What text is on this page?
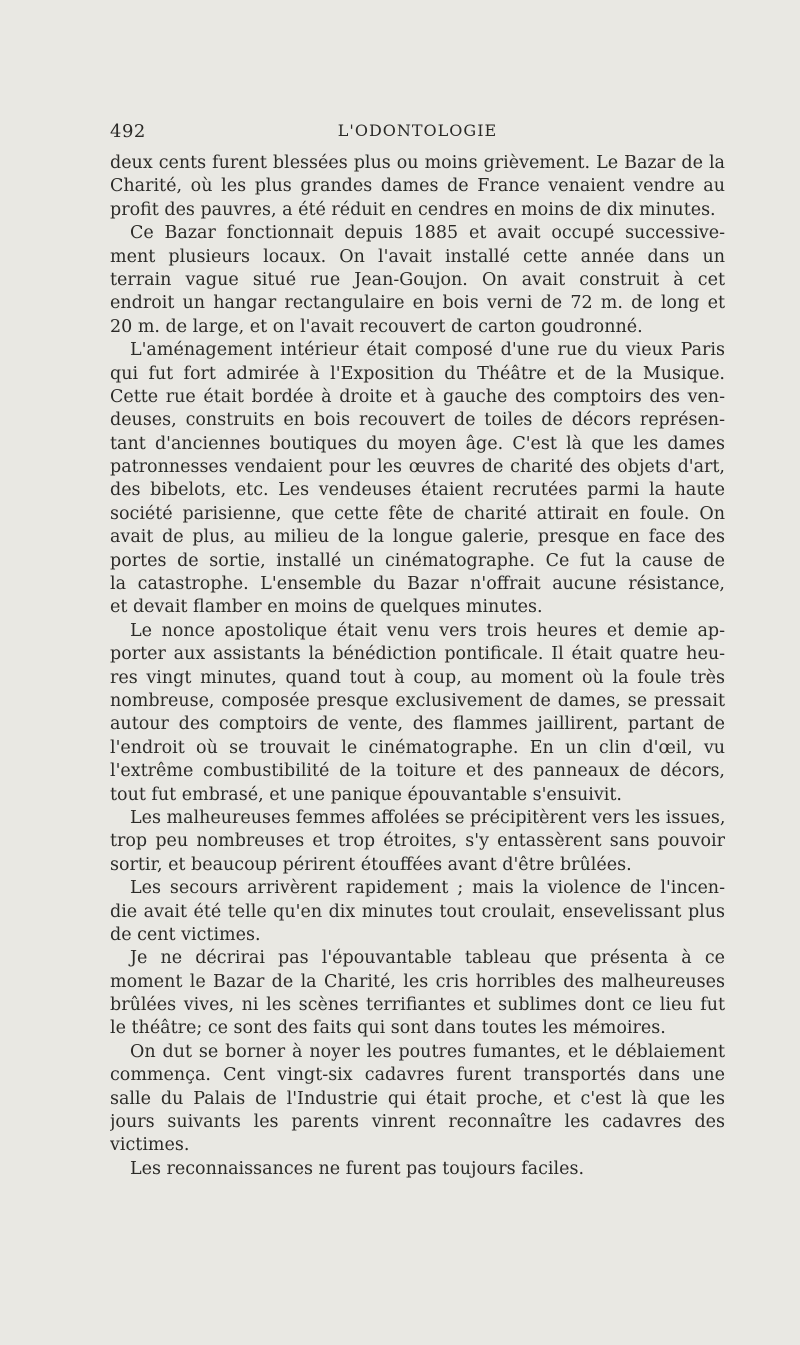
492	L'ODONTOLOGIE
deux cents furent blessées plus ou moins grièvement. Le Bazar de la
Charité, où les plus grandes dames de France venaient vendre au
profit des pauvres, a été réduit en cendres en moins de dix minutes.
Ce Bazar fonctionnait depuis 1885 et avait occupé successive-
ment plusieurs locaux. On l'avait installé cette année dans un
terrain vague situé rue Jean-Goujon. On avait construit à cet
endroit un hangar rectangulaire en bois verni de 72 m. de long et
20 m. de large, et on l'avait recouvert de carton goudronné.
L'aménagement intérieur était composé d'une rue du vieux Paris
qui fut fort admirée à l'Exposition du Théâtre et de la Musique.
Cette rue était bordée à droite et à gauche des comptoirs des ven-
deuses, construits en bois recouvert de toiles de décors représen-
tant d'anciennes boutiques du moyen âge. C'est là que les dames
patronnesses vendaient pour les œuvres de charité des objets d'art,
des bibelots, etc. Les vendeuses étaient recrutées parmi la haute
société parisienne, que cette fête de charité attirait en foule. On
avait de plus, au milieu de la longue galerie, presque en face des
portes de sortie, installé un cinématographe. Ce fut la cause de
la catastrophe. L'ensemble du Bazar n'offrait aucune résistance,
et devait flamber en moins de quelques minutes.
Le nonce apostolique était venu vers trois heures et demie ap-
porter aux assistants la bénédiction pontificale. Il était quatre heu-
res vingt minutes, quand tout à coup, au moment où la foule très
nombreuse, composée presque exclusivement de dames, se pressait
autour des comptoirs de vente, des flammes jaillirent, partant de
l'endroit où se trouvait le cinématographe. En un clin d'œil, vu
l'extrême combustibilité de la toiture et des panneaux de décors,
tout fut embrasé, et une panique épouvantable s'ensuivit.
Les malheureuses femmes affolées se précipitèrent vers les issues,
trop peu nombreuses et trop étroites, s'y entassèrent sans pouvoir
sortir, et beaucoup périrent étouffées avant d'être brûlées.
Les secours arrivèrent rapidement ; mais la violence de l'incen-
die avait été telle qu'en dix minutes tout croulait, ensevelissant plus
de cent victimes.
Je ne décrirai pas l'épouvantable tableau que présenta à ce
moment le Bazar de la Charité, les cris horribles des malheureuses
brûlées vives, ni les scènes terrifiantes et sublimes dont ce lieu fut
le théâtre; ce sont des faits qui sont dans toutes les mémoires.
On dut se borner à noyer les poutres fumantes, et le déblaiement
commença. Cent vingt-six cadavres furent transportés dans une
salle du Palais de l'Industrie qui était proche, et c'est là que les
jours suivants les parents vinrent reconnaître les cadavres des
victimes.
Les reconnaissances ne furent pas toujours faciles.
